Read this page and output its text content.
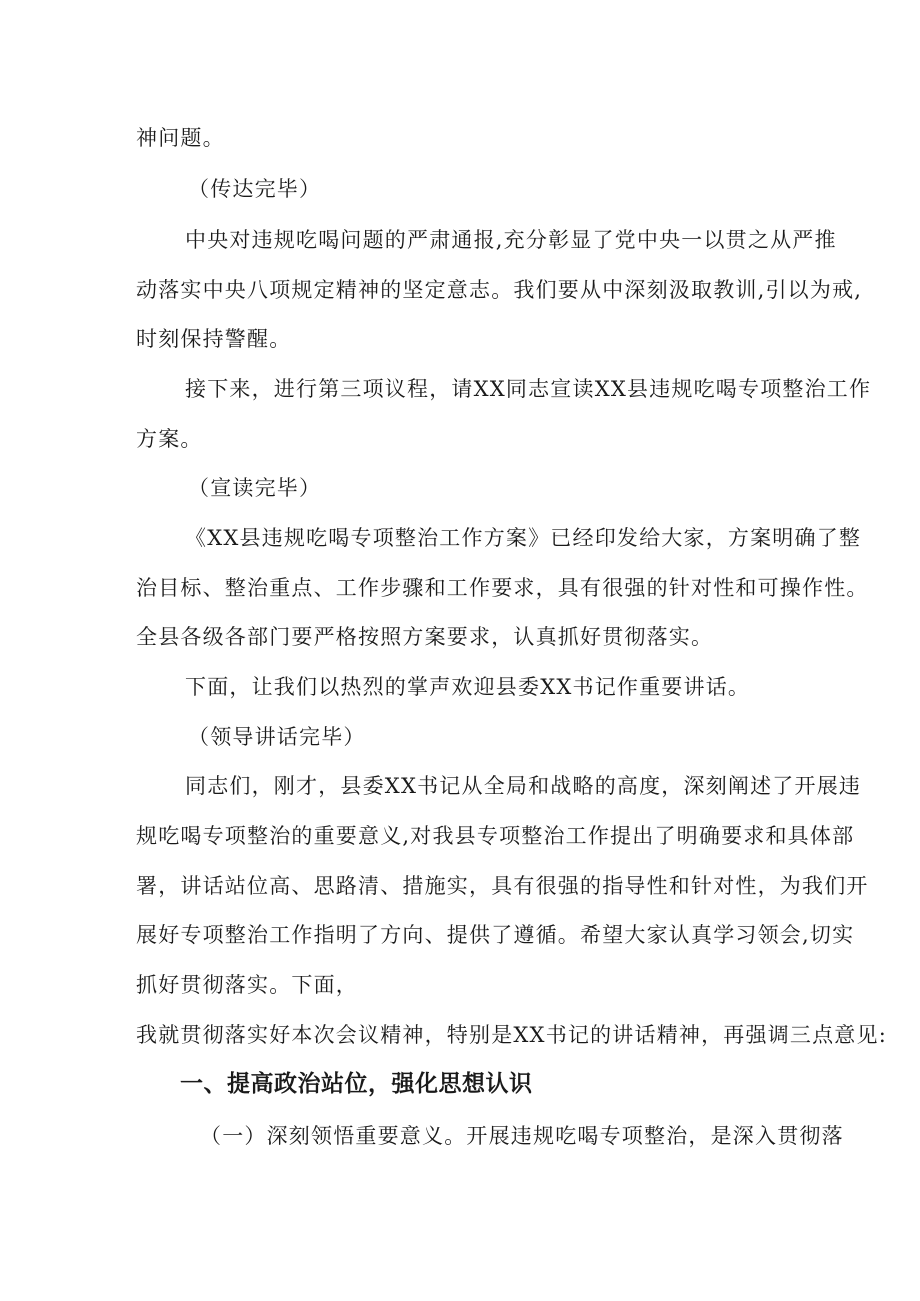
神问题。
（传达完毕）
中央对违规吃喝问题的严肃通报,充分彰显了党中央一以贯之从严推
动落实中央八项规定精神的坚定意志。我们要从中深刻汲取教训,引以为戒,
时刻保持警醒。
接下来，进行第三项议程，请XX同志宣读XX县违规吃喝专项整治工作
方案。
（宣读完毕）
《XX县违规吃喝专项整治工作方案》已经印发给大家，方案明确了整
治目标、整治重点、工作步骤和工作要求，具有很强的针对性和可操作性。
全县各级各部门要严格按照方案要求，认真抓好贯彻落实。
下面，让我们以热烈的掌声欢迎县委XX书记作重要讲话。
（领导讲话完毕）
同志们，刚才，县委XX书记从全局和战略的高度，深刻阐述了开展违
规吃喝专项整治的重要意义,对我县专项整治工作提出了明确要求和具体部
署，讲话站位高、思路清、措施实，具有很强的指导性和针对性，为我们开
展好专项整治工作指明了方向、提供了遵循。希望大家认真学习领会,切实
抓好贯彻落实。下面，
我就贯彻落实好本次会议精神，特别是XX书记的讲话精神，再强调三点意见:
一、提高政治站位，强化思想认识
（一）深刻领悟重要意义。开展违规吃喝专项整治，是深入贯彻落
